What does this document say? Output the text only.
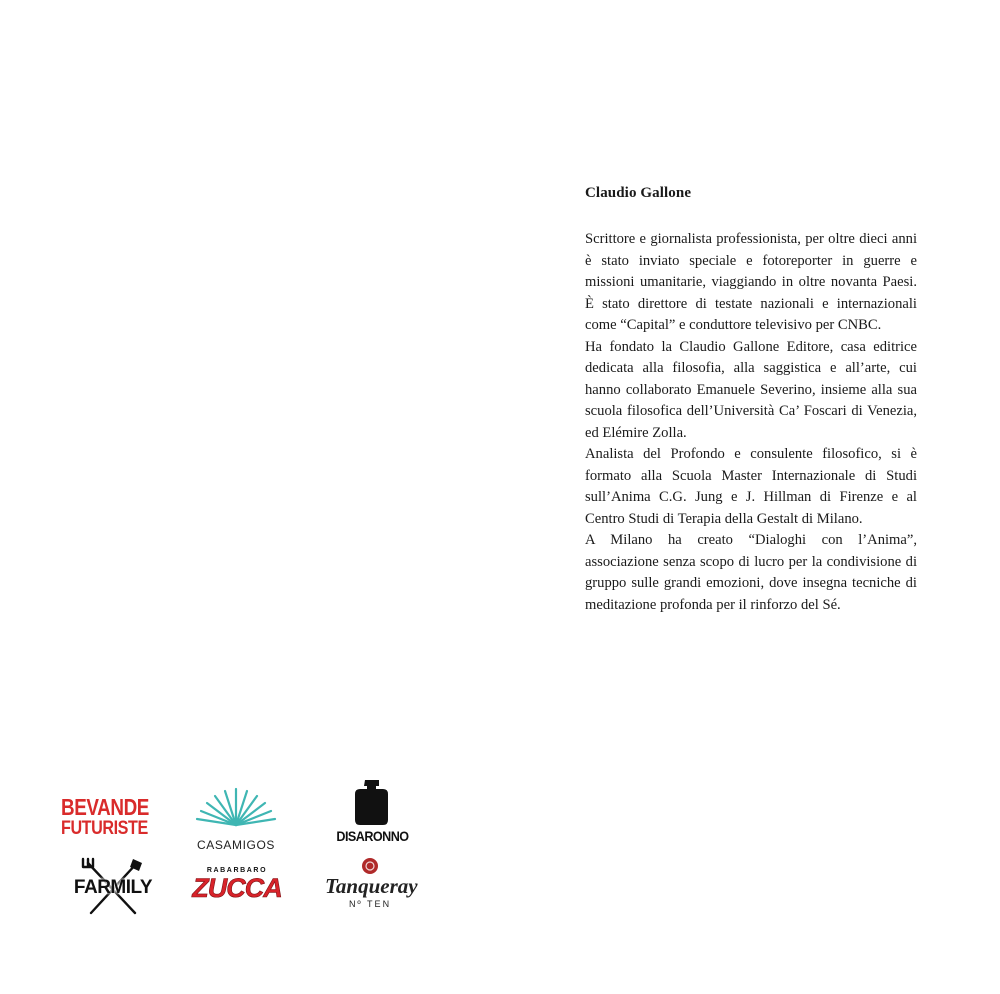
Claudio Gallone

Scrittore e giornalista professionista, per oltre dieci anni è stato inviato speciale e fotoreporter in guerre e missioni umanitarie, viaggiando in oltre novanta Paesi. È stato direttore di testate nazionali e internazionali come “Capital” e conduttore televisivo per CNBC.

Ha fondato la Claudio Gallone Editore, casa editrice dedicata alla filosofia, alla saggistica e all’arte, cui hanno collaborato Emanuele Severino, insieme alla sua scuola filosofica dell’Università Ca’ Foscari di Venezia, ed Elémire Zolla.

Analista del Profondo e consulente filosofico, si è formato alla Scuola Master Internazionale di Studi sull’Anima C.G. Jung e J. Hillman di Firenze e al Centro Studi di Terapia della Gestalt di Milano.

A Milano ha creato “Dialoghi con l’Anima”, associazione senza scopo di lucro per la condivisione di gruppo sulle grandi emozioni, dove insegna tecniche di meditazione profonda per il rinforzo del Sé.

BEVANDE
FUTURISTE
CASAMIGOS
DISARONNO
FARMILY
RABARBARO
ZUCCA	Tanqueray
Nº TEN
